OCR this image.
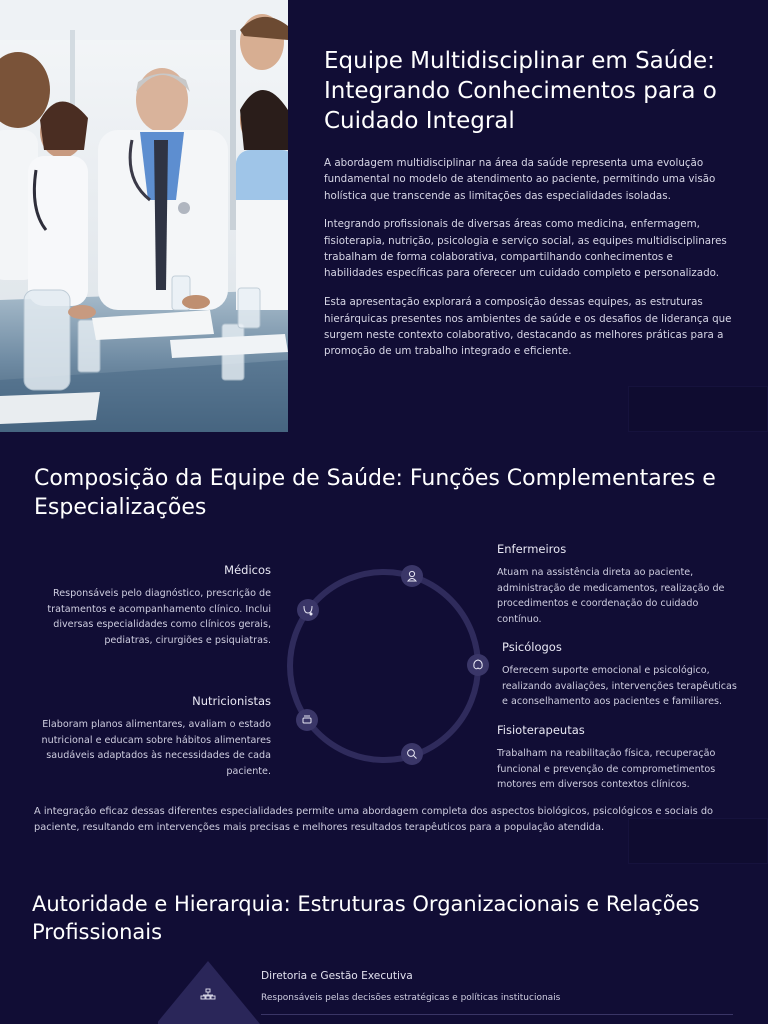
Equipe Multidisciplinar em Saúde: Integrando Conhecimentos para o Cuidado Integral

A abordagem multidisciplinar na área da saúde representa uma evolução fundamental no modelo de atendimento ao paciente, permitindo uma visão holística que transcende as limitações das especialidades isoladas.

Integrando profissionais de diversas áreas como medicina, enfermagem, fisioterapia, nutrição, psicologia e serviço social, as equipes multidisciplinares trabalham de forma colaborativa, compartilhando conhecimentos e habilidades específicas para oferecer um cuidado completo e personalizado.

Esta apresentação explorará a composição dessas equipes, as estruturas hierárquicas presentes nos ambientes de saúde e os desafios de liderança que surgem neste contexto colaborativo, destacando as melhores práticas para a promoção de um trabalho integrado e eficiente.

Composição da Equipe de Saúde: Funções Complementares e Especializações
Médicos

Responsáveis pelo diagnóstico, prescrição de tratamentos e acompanhamento clínico. Inclui diversas especialidades como clínicos gerais, pediatras, cirurgiões e psiquiatras.

Nutricionistas

Elaboram planos alimentares, avaliam o estado nutricional e educam sobre hábitos alimentares saudáveis adaptados às necessidades de cada paciente.

Enfermeiros

Atuam na assistência direta ao paciente, administração de medicamentos, realização de procedimentos e coordenação do cuidado contínuo.

Psicólogos

Oferecem suporte emocional e psicológico, realizando avaliações, intervenções terapêuticas e aconselhamento aos pacientes e familiares.

Fisioterapeutas

Trabalham na reabilitação física, recuperação funcional e prevenção de comprometimentos motores em diversos contextos clínicos.

A integração eficaz dessas diferentes especialidades permite uma abordagem completa dos aspectos biológicos, psicológicos e sociais do paciente, resultando em intervenções mais precisas e melhores resultados terapêuticos para a população atendida.

Autoridade e Hierarquia: Estruturas Organizacionais e Relações Profissionais
Diretoria e Gestão Executiva
Responsáveis pelas decisões estratégicas e políticas institucionais
